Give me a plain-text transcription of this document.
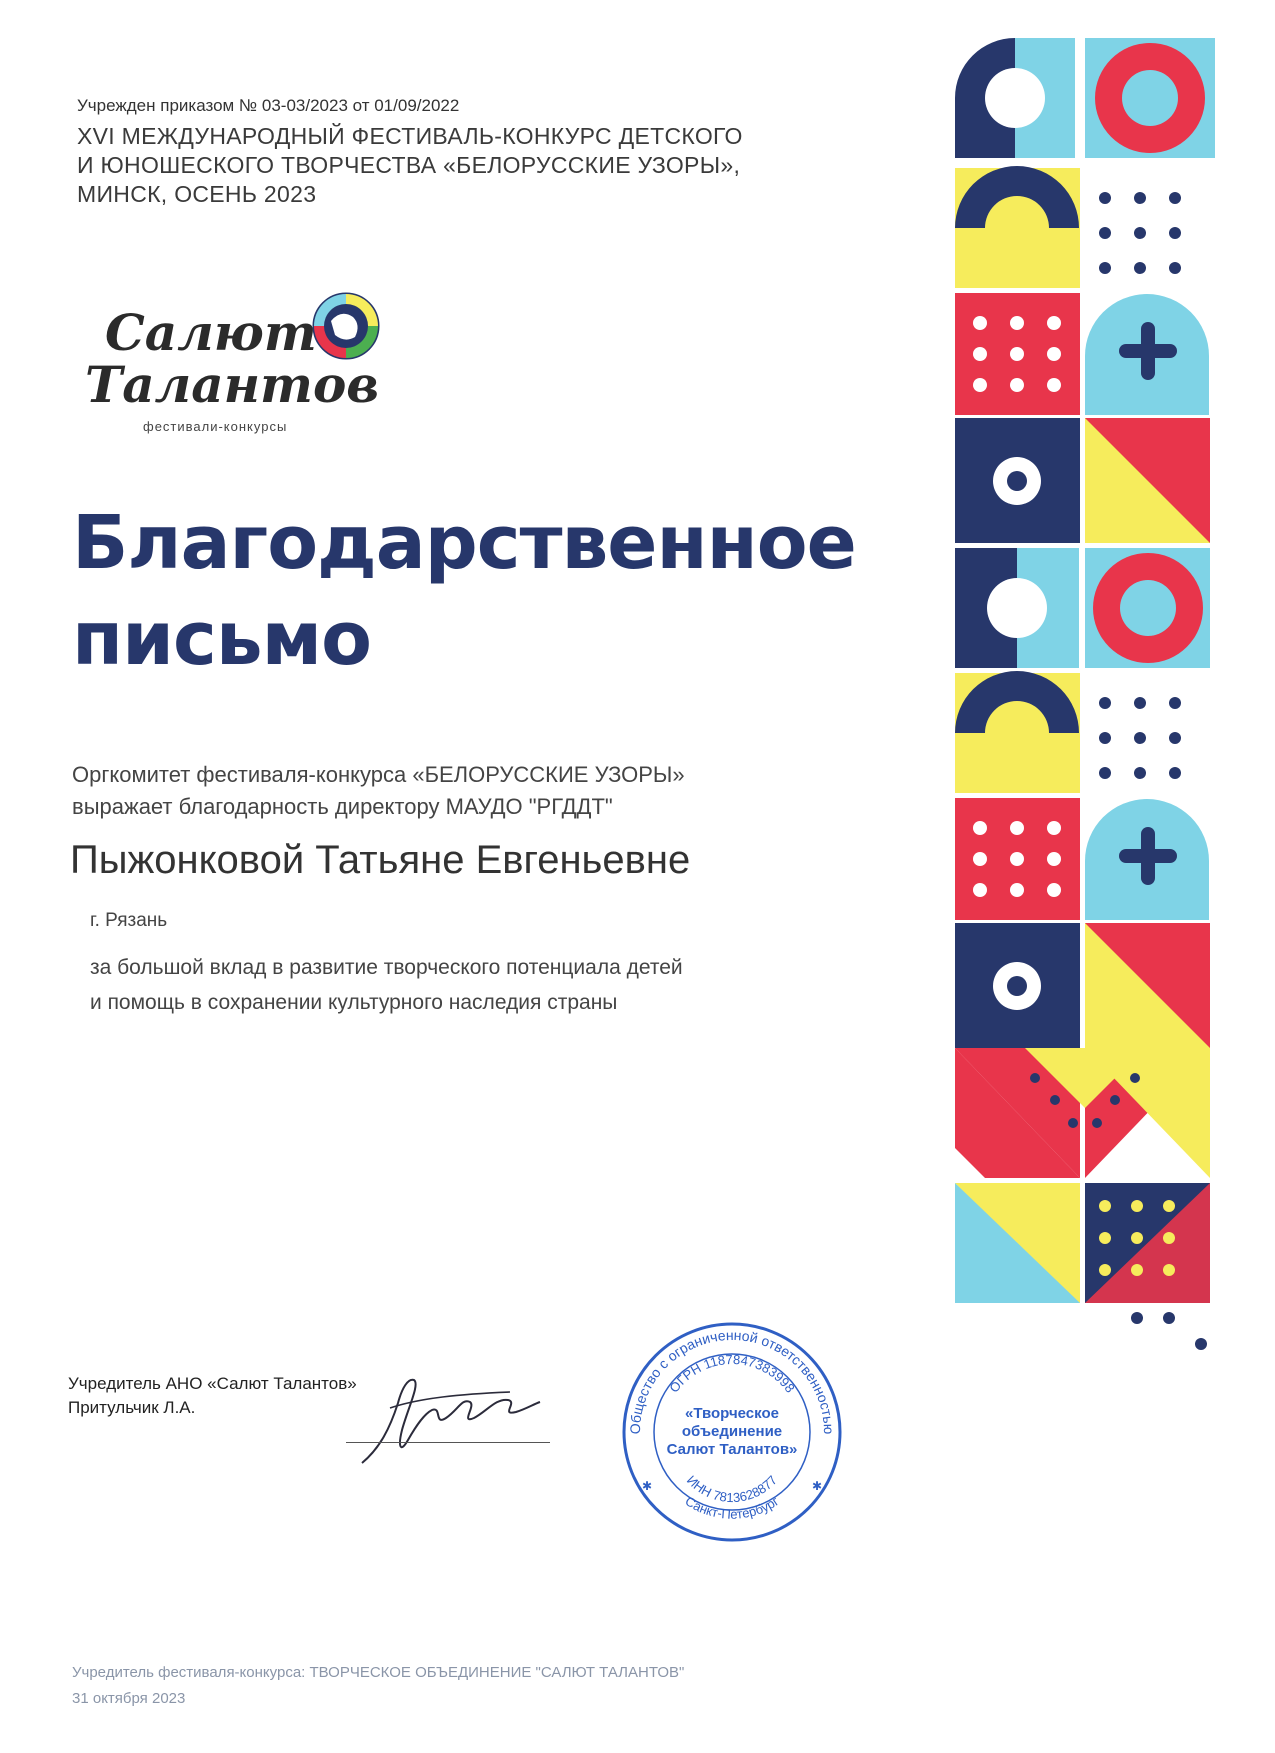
Учрежден приказом № 03-03/2023 от 01/09/2022
XVI МЕЖДУНАРОДНЫЙ ФЕСТИВАЛЬ-КОНКУРС ДЕТСКОГО
И ЮНОШЕСКОГО ТВОРЧЕСТВА «БЕЛОРУССКИЕ УЗОРЫ»,
МИНСК, ОСЕНЬ 2023
Салют
Талантов
фестивали-конкурсы
Благодарственное
письмо
Оргкомитет фестиваля-конкурса «БЕЛОРУССКИЕ УЗОРЫ»
выражает благодарность директору МАУДО "РГДДТ"
Пыжонковой Татьяне Евгеньевне
г. Рязань
за большой вклад в развитие творческого потенциала детей
и помощь в сохранении культурного наследия страны
Учредитель АНО «Салют Талантов»
Притульчик Л.А.
Общество с ограниченной ответственностью
ОГРН 1187847383998
ИНН 7813628877
Санкт-Петербург
«Творческое
объединение
Салют Талантов»
✱	✱
Учредитель фестиваля-конкурса: ТВОРЧЕСКОЕ ОБЪЕДИНЕНИЕ "САЛЮТ ТАЛАНТОВ"
31 октября 2023
